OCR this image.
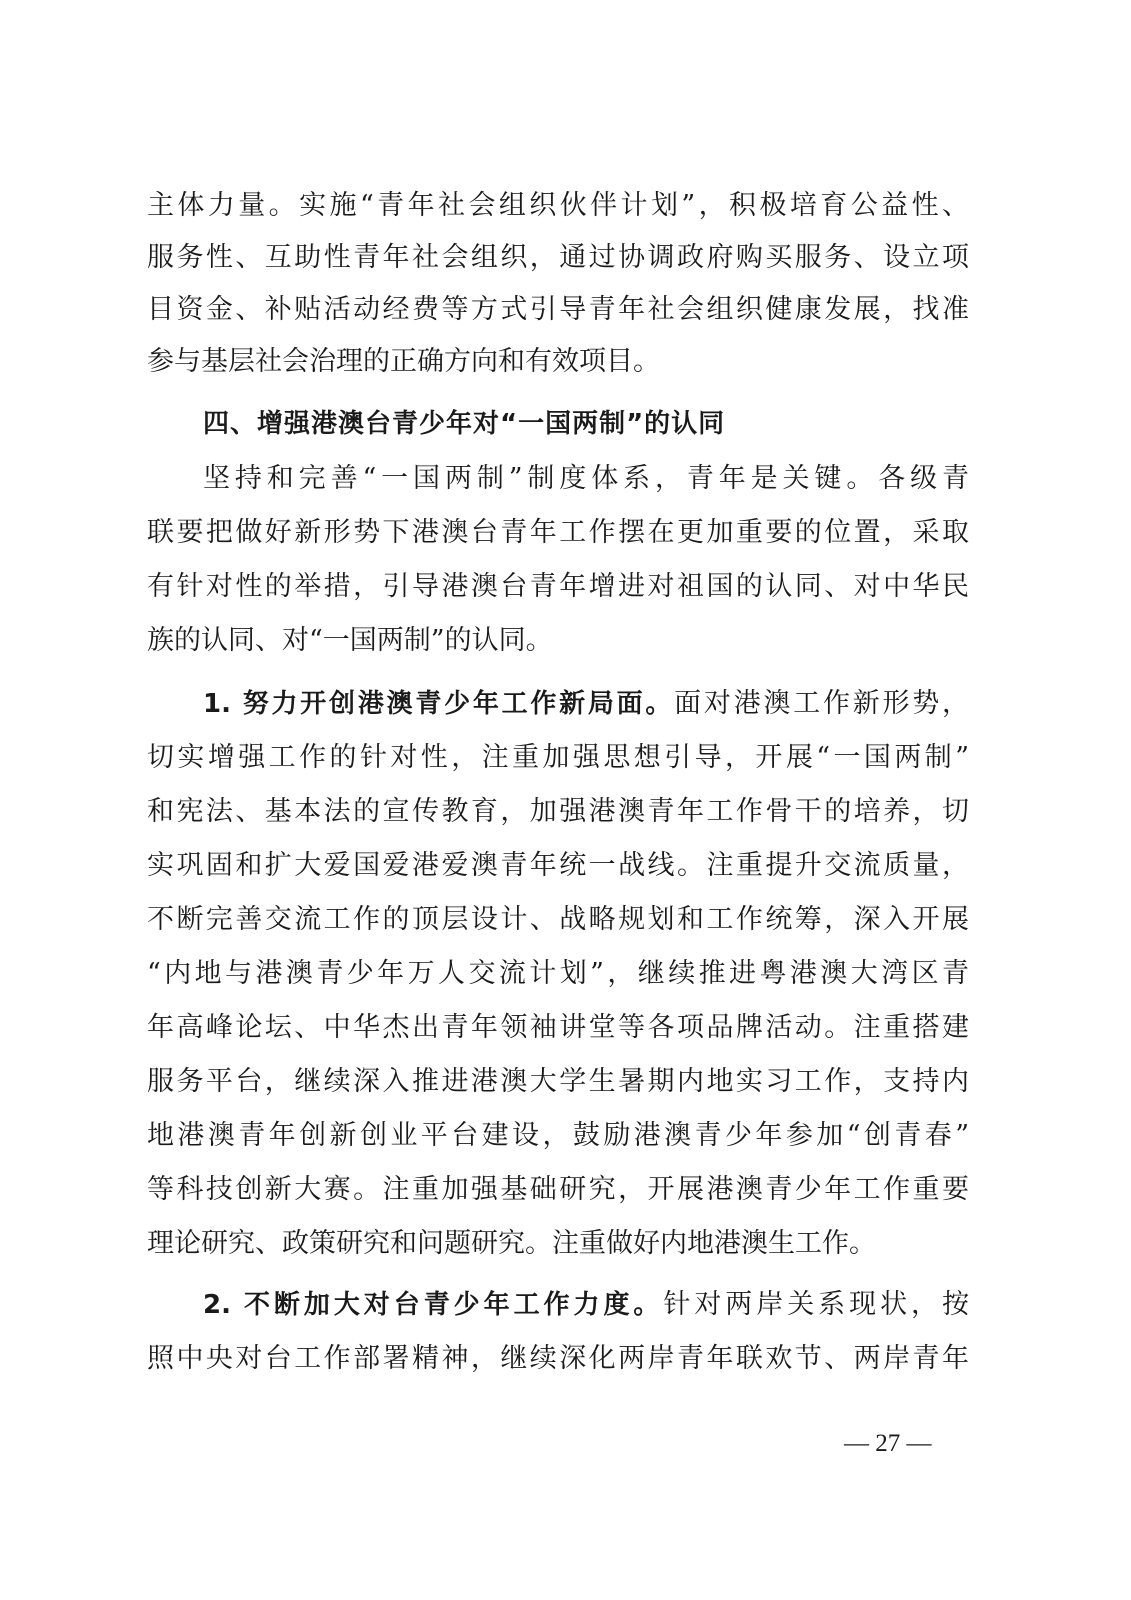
主体力量。实施“青年社会组织伙伴计划”，积极培育公益性、
服务性、互助性青年社会组织，通过协调政府购买服务、设立项
目资金、补贴活动经费等方式引导青年社会组织健康发展，找准
参与基层社会治理的正确方向和有效项目。
四、增强港澳台青少年对“一国两制”的认同
坚持和完善“一国两制”制度体系，青年是关键。各级青
联要把做好新形势下港澳台青年工作摆在更加重要的位置，采取
有针对性的举措，引导港澳台青年增进对祖国的认同、对中华民
族的认同、对“一国两制”的认同。
1. 努力开创港澳青少年工作新局面。面对港澳工作新形势，
切实增强工作的针对性，注重加强思想引导，开展“一国两制”
和宪法、基本法的宣传教育，加强港澳青年工作骨干的培养，切
实巩固和扩大爱国爱港爱澳青年统一战线。注重提升交流质量，
不断完善交流工作的顶层设计、战略规划和工作统筹，深入开展
“内地与港澳青少年万人交流计划”，继续推进粤港澳大湾区青
年高峰论坛、中华杰出青年领袖讲堂等各项品牌活动。注重搭建
服务平台，继续深入推进港澳大学生暑期内地实习工作，支持内
地港澳青年创新创业平台建设，鼓励港澳青少年参加“创青春”
等科技创新大赛。注重加强基础研究，开展港澳青少年工作重要
理论研究、政策研究和问题研究。注重做好内地港澳生工作。
2. 不断加大对台青少年工作力度。针对两岸关系现状，按
照中央对台工作部署精神，继续深化两岸青年联欢节、两岸青年
— 27 —
